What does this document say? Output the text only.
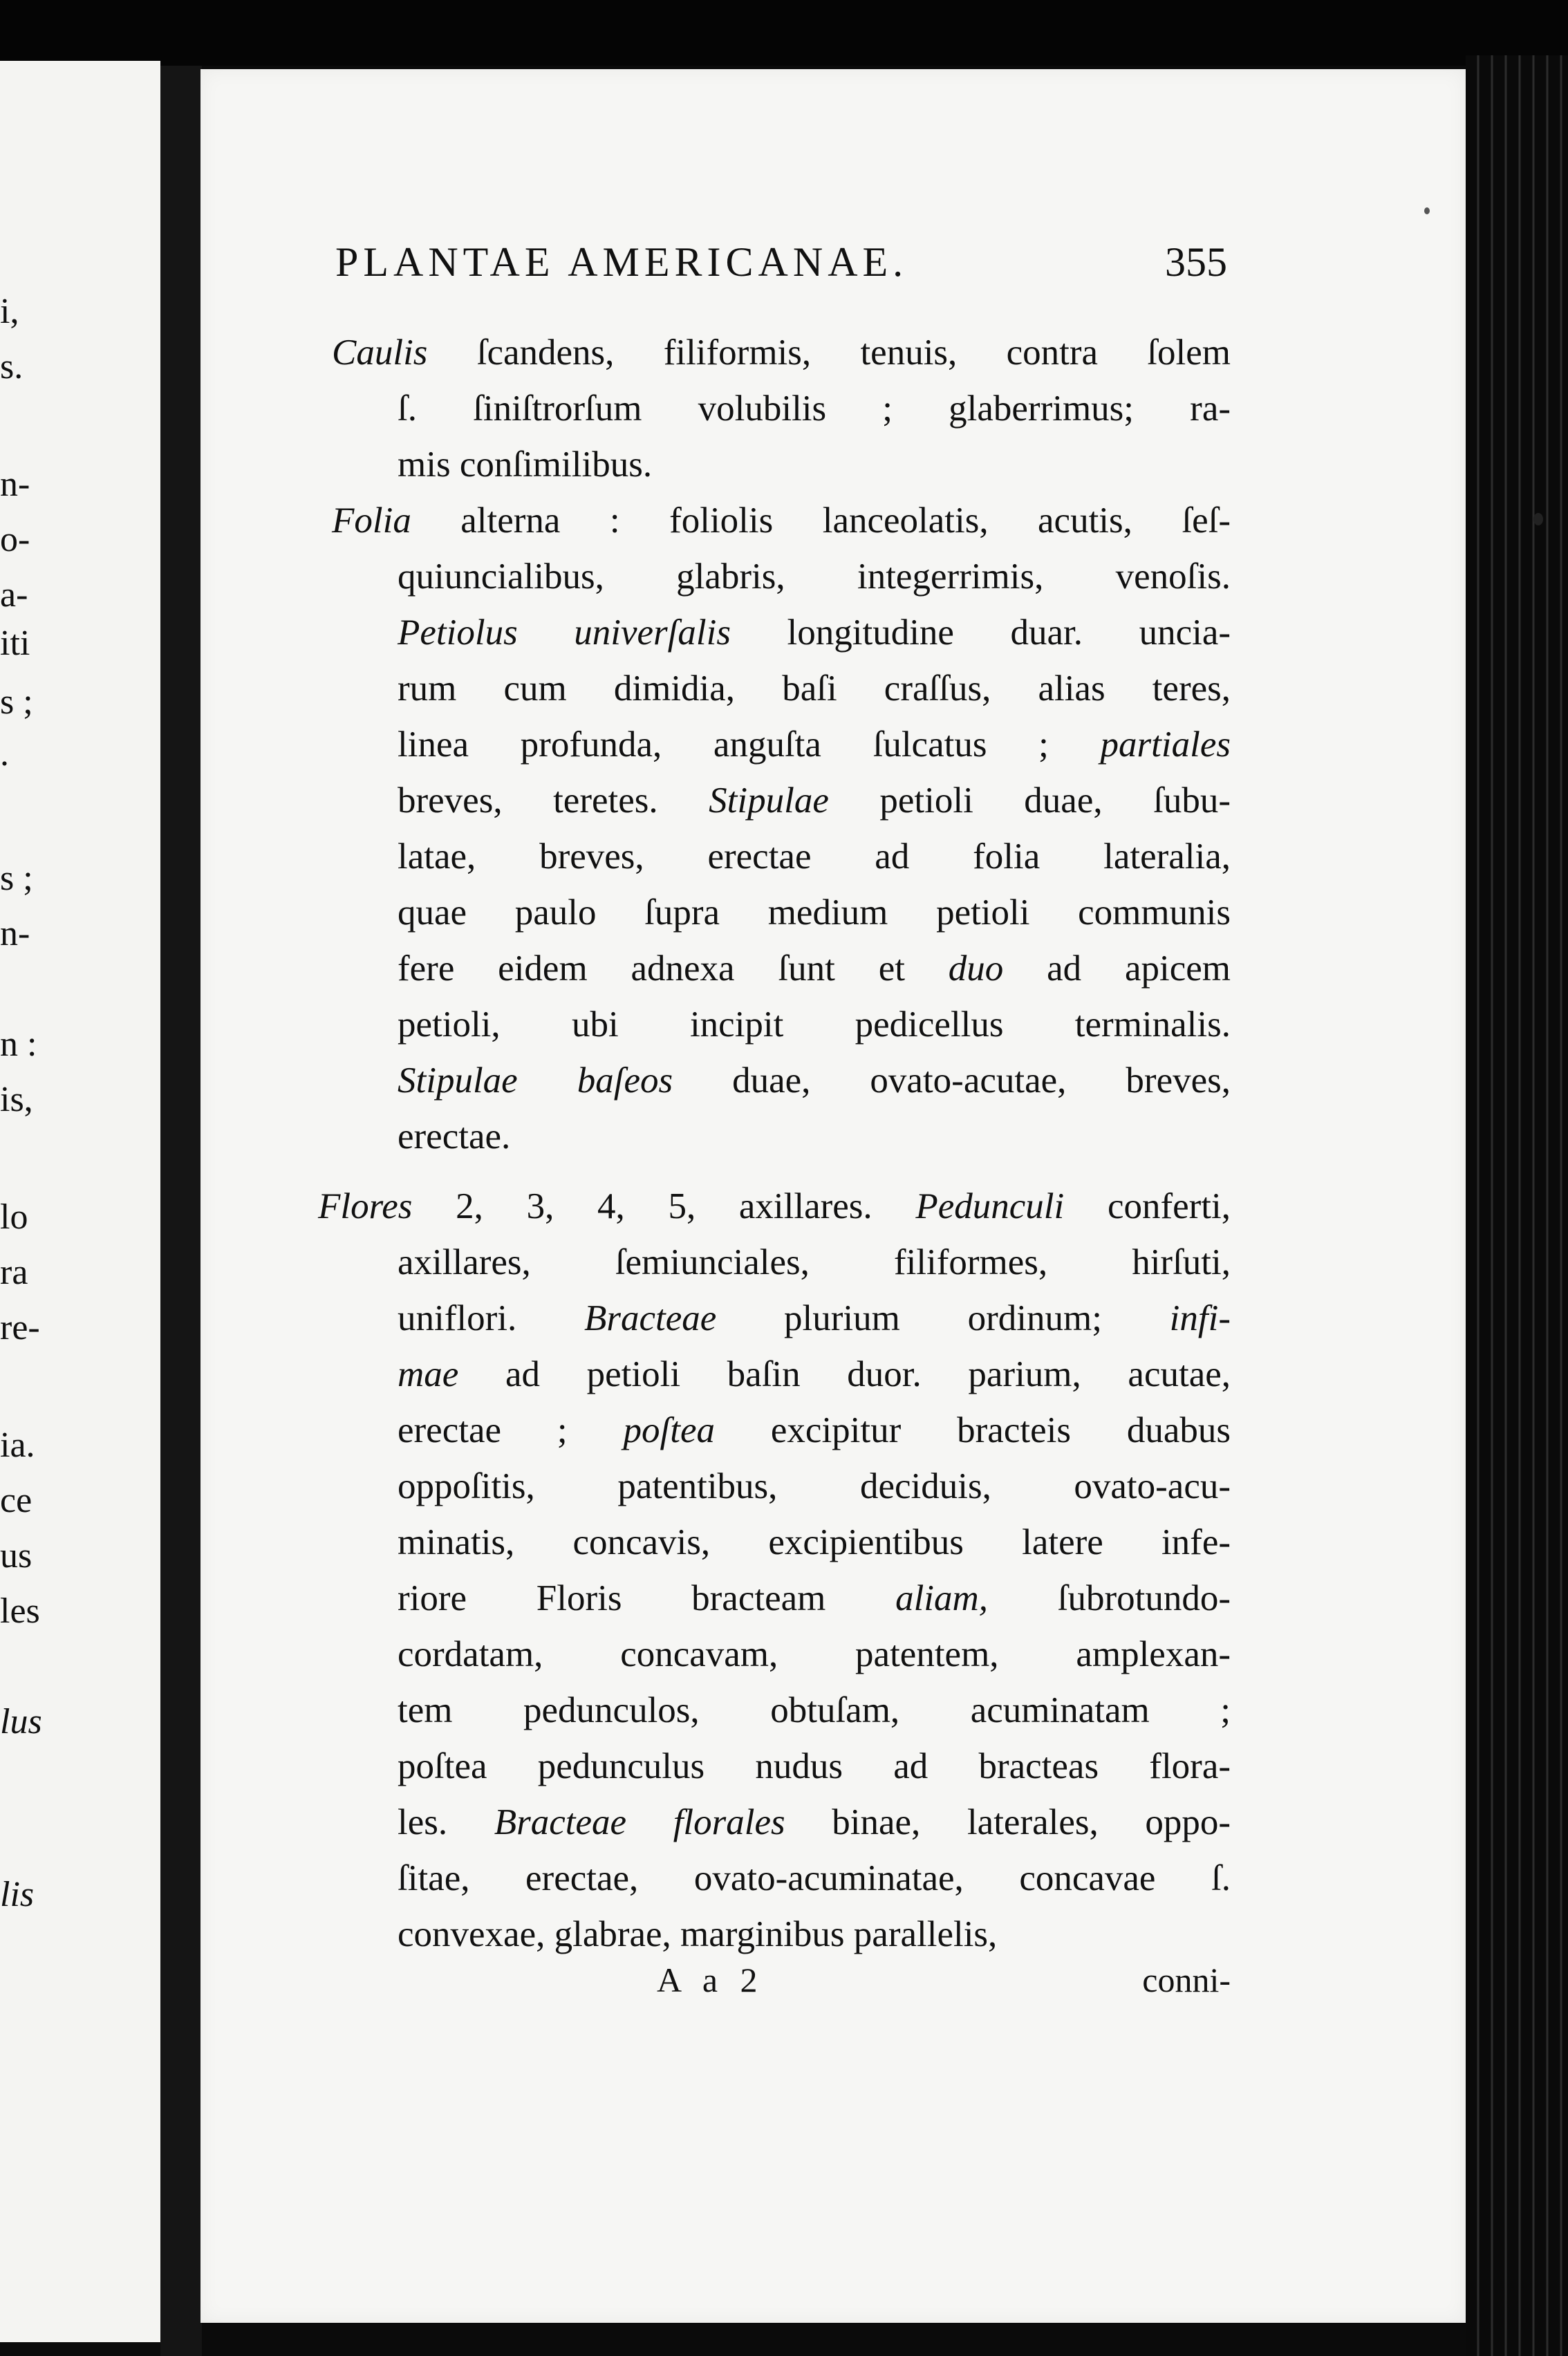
i,
s.
n-
o-
a-
iti
s ;
.
s ;
n-
n :
is,
lo
ra
re-
ia.
ce
us
les
lus
lis
PLANTAE AMERICANAE.	355
Caulis ſcandens, filiformis, tenuis, contra ſolem
ſ. ſiniſtrorſum volubilis ; glaberrimus; ra-
mis conſimilibus.
Folia alterna : foliolis lanceolatis, acutis, ſeſ-
quiuncialibus, glabris, integerrimis, venoſis.
Petiolus univerſalis longitudine duar. uncia-
rum cum dimidia, baſi craſſus, alias teres,
linea profunda, anguſta ſulcatus ; partiales
breves, teretes. Stipulae petioli duae, ſubu-
latae, breves, erectae ad folia lateralia,
quae paulo ſupra medium petioli communis
fere eidem adnexa ſunt et duo ad apicem
petioli, ubi incipit pedicellus terminalis.
Stipulae baſeos duae, ovato-acutae, breves,
erectae.
Flores 2, 3, 4, 5, axillares. Pedunculi conferti,
axillares, ſemiunciales, filiformes, hirſuti,
uniflori. Bracteae plurium ordinum; infi-
mae ad petioli baſin duor. parium, acutae,
erectae ; poſtea excipitur bracteis duabus
oppoſitis, patentibus, deciduis, ovato-acu-
minatis, concavis, excipientibus latere infe-
riore Floris bracteam aliam, ſubrotundo-
cordatam, concavam, patentem, amplexan-
tem pedunculos, obtuſam, acuminatam ;
poſtea pedunculus nudus ad bracteas flora-
les. Bracteae florales binae, laterales, oppo-
ſitae, erectae, ovato-acuminatae, concavae ſ.
convexae, glabrae, marginibus parallelis,
A a 2	conni-
